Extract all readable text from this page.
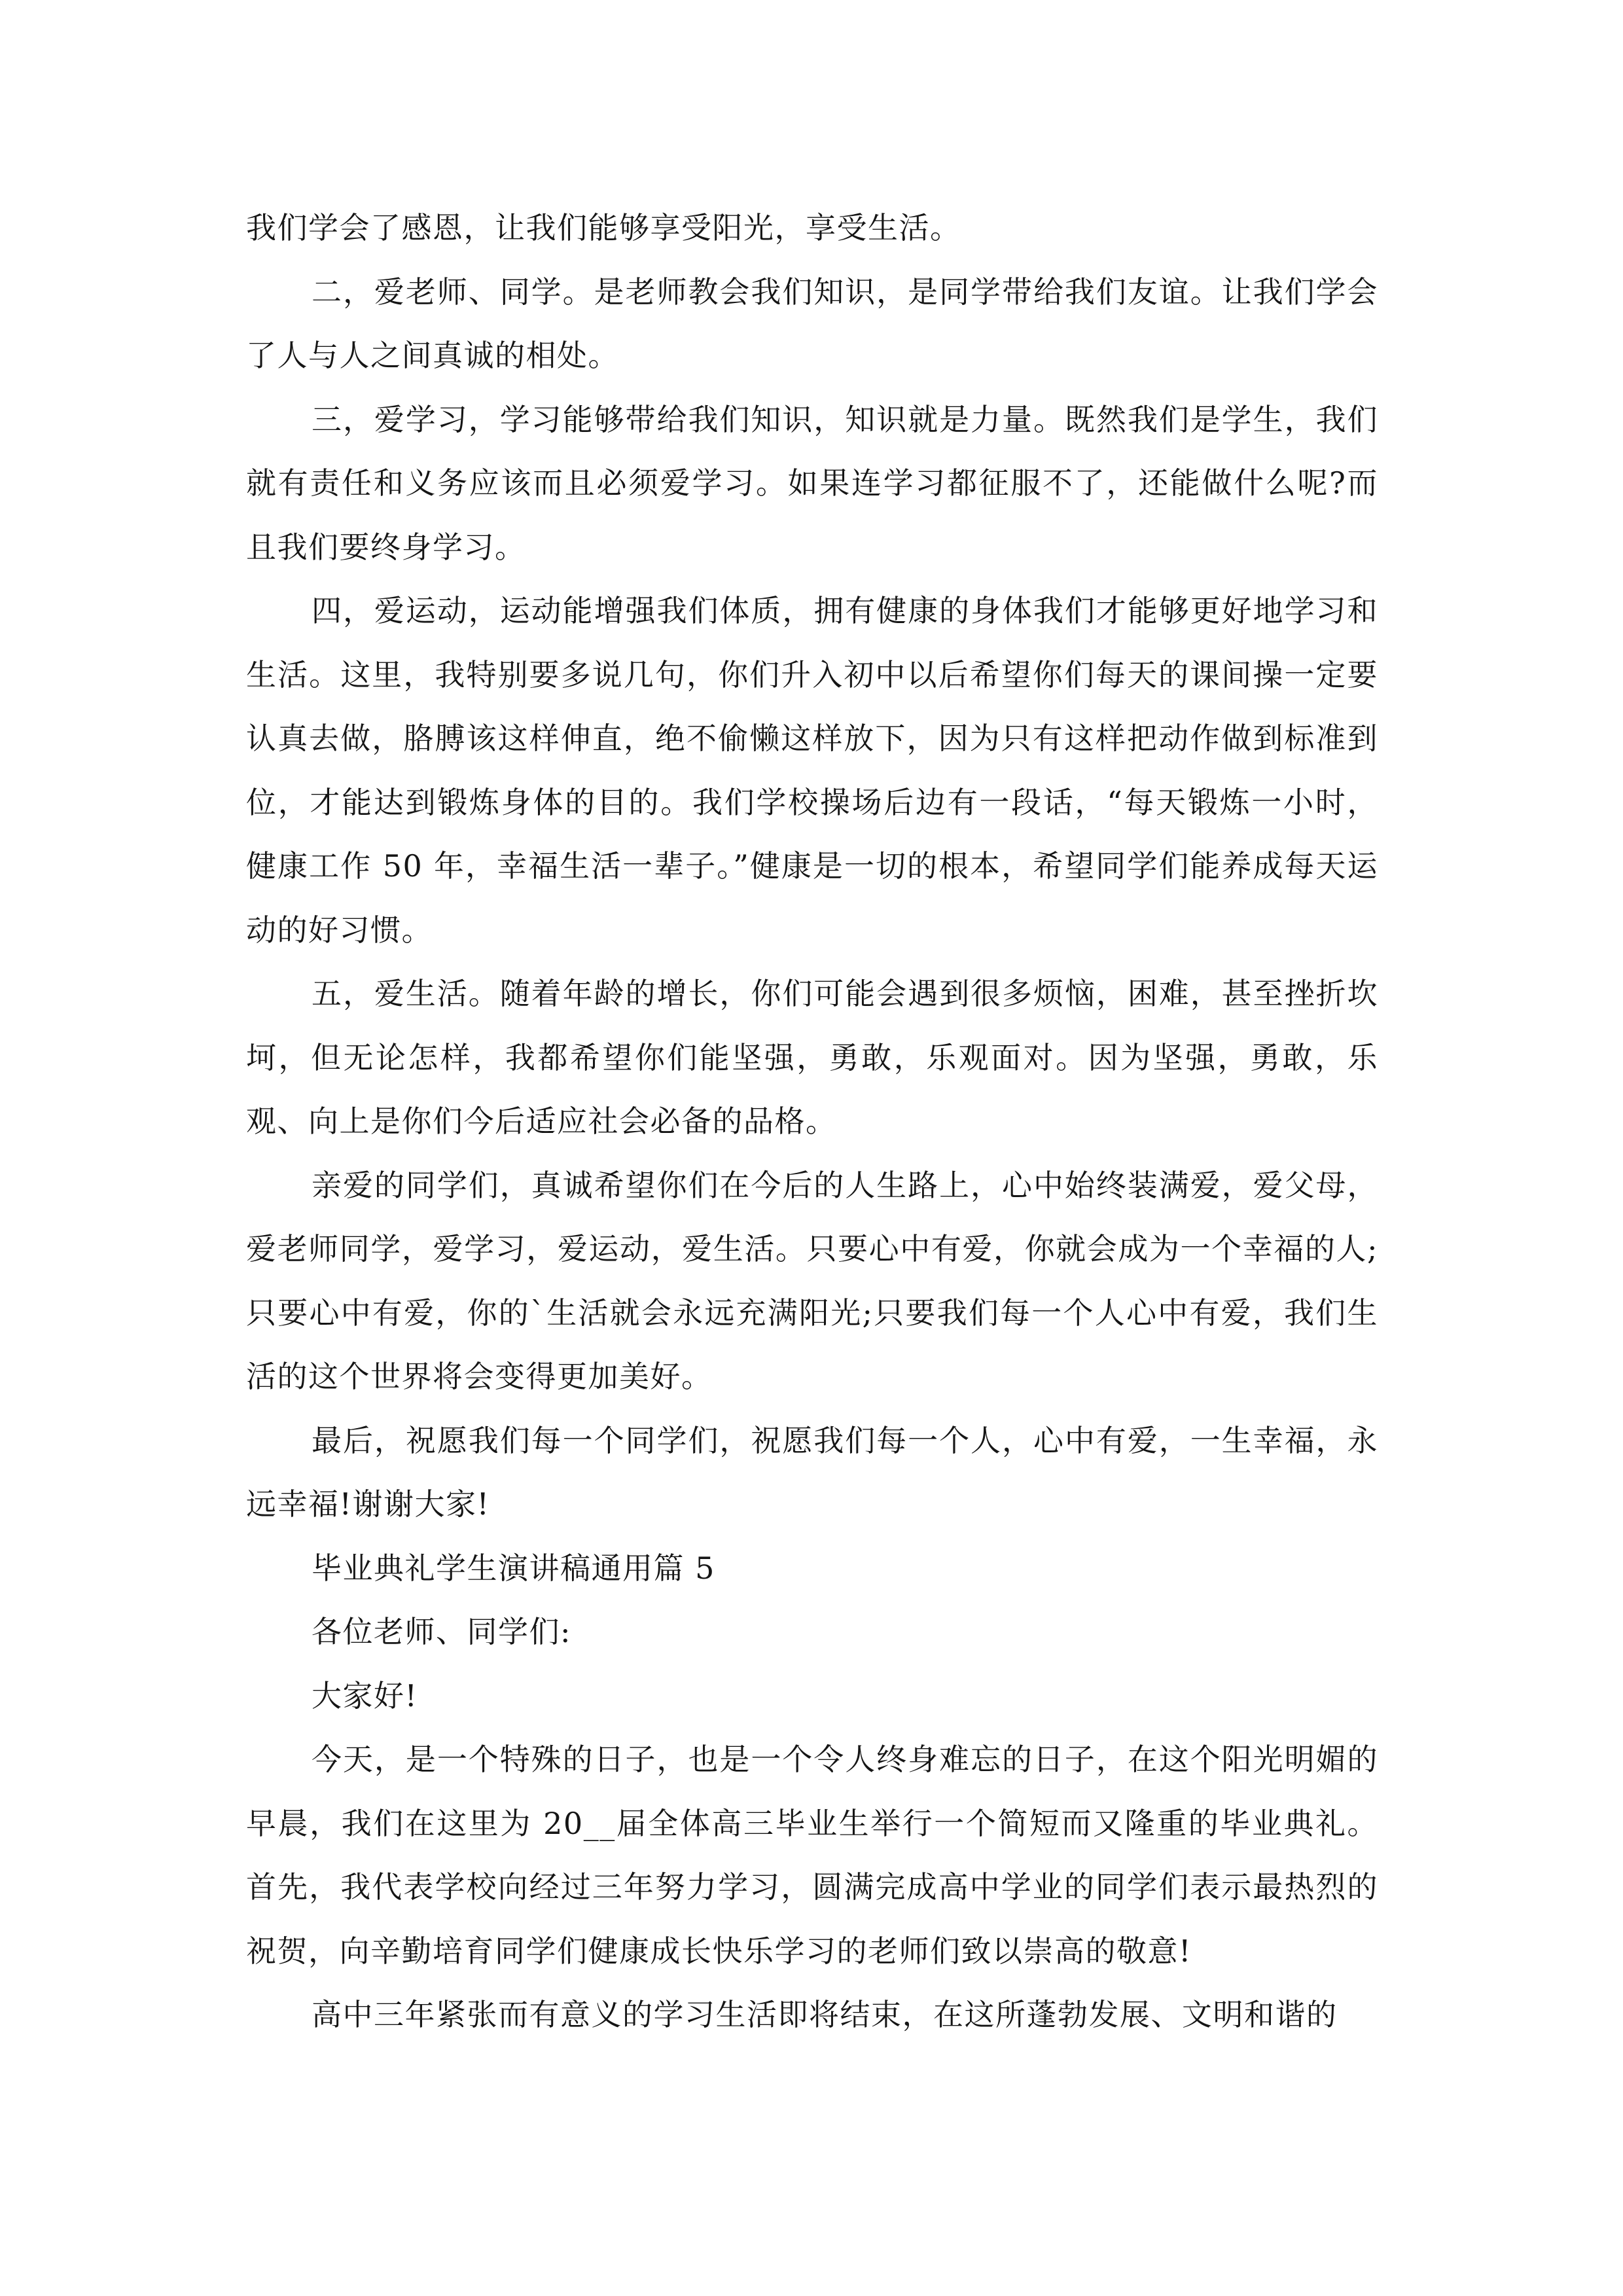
我们学会了感恩，让我们能够享受阳光，享受生活。

二，爱老师、同学。是老师教会我们知识，是同学带给我们友谊。让我们学会了人与人之间真诚的相处。

三，爱学习，学习能够带给我们知识，知识就是力量。既然我们是学生，我们就有责任和义务应该而且必须爱学习。如果连学习都征服不了，还能做什么呢?而且我们要终身学习。

四，爱运动，运动能增强我们体质，拥有健康的身体我们才能够更好地学习和生活。这里，我特别要多说几句，你们升入初中以后希望你们每天的课间操一定要认真去做，胳膊该这样伸直，绝不偷懒这样放下，因为只有这样把动作做到标准到位，才能达到锻炼身体的目的。我们学校操场后边有一段话，“每天锻炼一小时，健康工作 50 年，幸福生活一辈子。”健康是一切的根本，希望同学们能养成每天运动的好习惯。

五，爱生活。随着年龄的增长，你们可能会遇到很多烦恼，困难，甚至挫折坎坷，但无论怎样，我都希望你们能坚强，勇敢，乐观面对。因为坚强，勇敢，乐观、向上是你们今后适应社会必备的品格。

亲爱的同学们，真诚希望你们在今后的人生路上，心中始终装满爱，爱父母，爱老师同学，爱学习，爱运动，爱生活。只要心中有爱，你就会成为一个幸福的人;只要心中有爱，你的`生活就会永远充满阳光;只要我们每一个人心中有爱，我们生活的这个世界将会变得更加美好。

最后，祝愿我们每一个同学们，祝愿我们每一个人，心中有爱，一生幸福，永远幸福!谢谢大家!

毕业典礼学生演讲稿通用篇 5

各位老师、同学们:

大家好!

今天，是一个特殊的日子，也是一个令人终身难忘的日子，在这个阳光明媚的早晨，我们在这里为 20__届全体高三毕业生举行一个简短而又隆重的毕业典礼。首先，我代表学校向经过三年努力学习，圆满完成高中学业的同学们表示最热烈的祝贺，向辛勤培育同学们健康成长快乐学习的老师们致以崇高的敬意!

高中三年紧张而有意义的学习生活即将结束，在这所蓬勃发展、文明和谐的
